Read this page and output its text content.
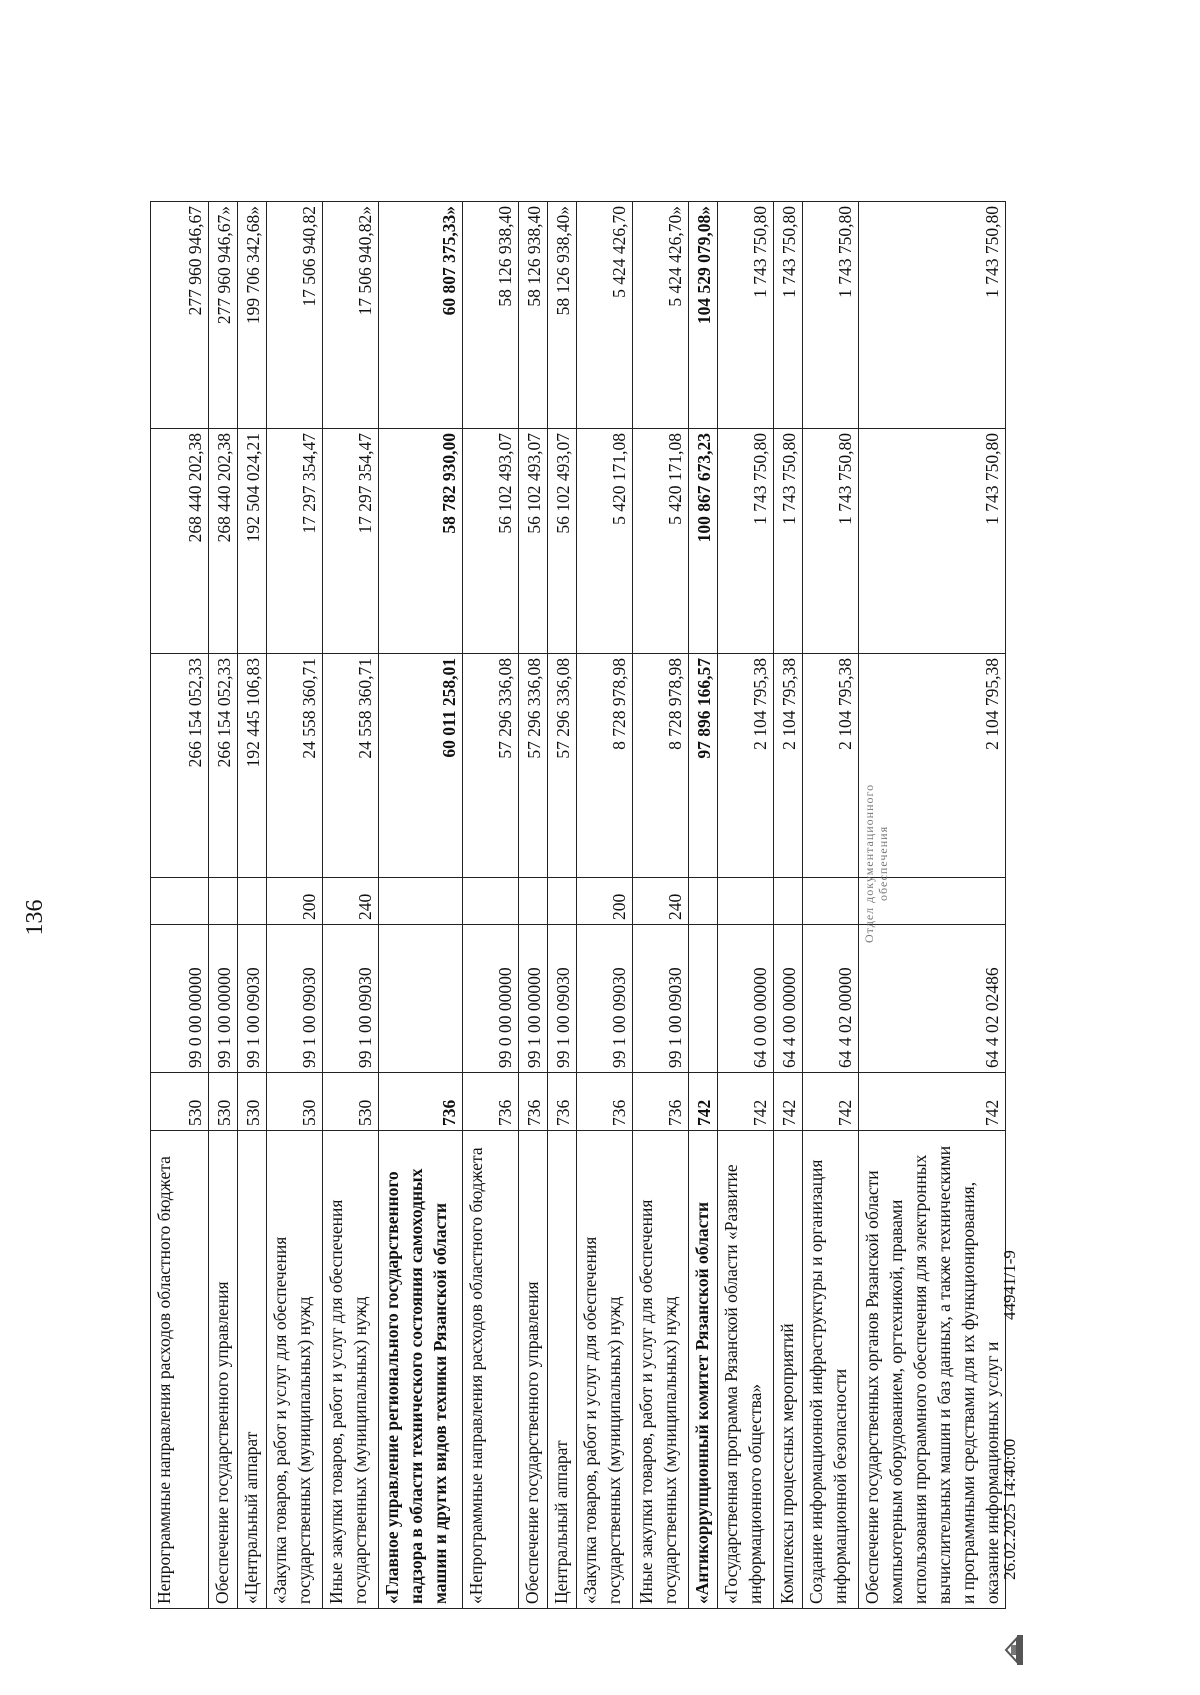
136
Непрограммные направления расходов областного бюджета	530	99 0 00 00000		266 154 052,33	268 440 202,38	277 960 946,67
Обеспечение государственного управления	530	99 1 00 00000		266 154 052,33	268 440 202,38	277 960 946,67»
«Центральный аппарат	530	99 1 00 09030		192 445 106,83	192 504 024,21	199 706 342,68»
«Закупка товаров, работ и услуг для обеспечения государственных (муниципальных) нужд	530	99 1 00 09030	200	24 558 360,71	17 297 354,47	17 506 940,82
Иные закупки товаров, работ и услуг для обеспечения государственных (муниципальных) нужд	530	99 1 00 09030	240	24 558 360,71	17 297 354,47	17 506 940,82»
«Главное управление регионального государственного надзора в области технического состояния самоходных машин и других видов техники Рязанской области	736			60 011 258,01	58 782 930,00	60 807 375,33»
«Непрограммные направления расходов областного бюджета	736	99 0 00 00000		57 296 336,08	56 102 493,07	58 126 938,40
Обеспечение государственного управления	736	99 1 00 00000		57 296 336,08	56 102 493,07	58 126 938,40
Центральный аппарат	736	99 1 00 09030		57 296 336,08	56 102 493,07	58 126 938,40»
«Закупка товаров, работ и услуг для обеспечения государственных (муниципальных) нужд	736	99 1 00 09030	200	8 728 978,98	5 420 171,08	5 424 426,70
Иные закупки товаров, работ и услуг для обеспечения государственных (муниципальных) нужд	736	99 1 00 09030	240	8 728 978,98	5 420 171,08	5 424 426,70»
«Антикоррупционный комитет Рязанской области	742			97 896 166,57	100 867 673,23	104 529 079,08»
«Государственная программа Рязанской области «Развитие информационного общества»	742	64 0 00 00000		2 104 795,38	1 743 750,80	1 743 750,80
Комплексы процессных мероприятий	742	64 4 00 00000		2 104 795,38	1 743 750,80	1 743 750,80
Создание информационной инфраструктуры и организация информационной безопасности	742	64 4 02 00000		2 104 795,38	1 743 750,80	1 743 750,80
Обеспечение государственных органов Рязанской области компьютерным оборудованием, оргтехникой, правами использования программного обеспечения для электронных вычислительных машин и баз данных, а также техническими и программными средствами для их функционирования, оказание информационных услуг и	742	64 4 02 02486		2 104 795,38	1 743 750,80	1 743 750,80
Отдел документационного обеспечения
26.02.2025 14:40:00
44941/1-9
